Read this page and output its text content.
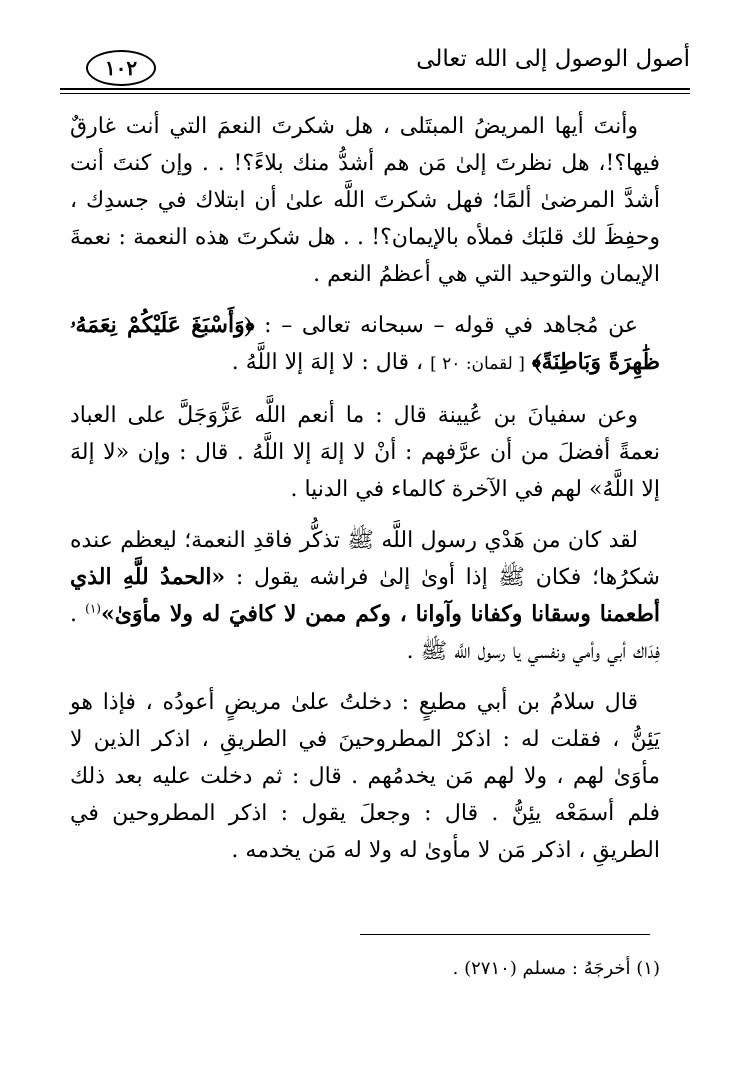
أصول الوصول إلى الله تعالى
١٠٢

وأنتَ أيها المريضُ المبتَلى ، هل شكرتَ النعمَ التي أنت غارقٌ فيها؟!، هل نظرتَ إلىٰ مَن هم أشدُّ منك بلاءً؟! . . وإن كنتَ أنت أشدَّ المرضىٰ ألمًا؛ فهل شكرتَ اللَّه علىٰ أن ابتلاك في جسدِك ، وحفِظَ لك قلبَك فملأه بالإيمان؟! . . هل شكرتَ هذه النعمة : نعمةَ الإيمان والتوحيد التي هي أعظمُ النعم .

عن مُجاهد في قوله – سبحانه تعالى – : ﴿وَأَسْبَغَ عَلَيْكُمْ نِعَمَهُۥ ظَٰهِرَةً وَبَاطِنَةً﴾ [ لقمان: ٢٠ ] ، قال : لا إلهَ إلا اللَّهُ .

وعن سفيانَ بن عُيينة قال : ما أنعم اللَّه عَزَّوَجَلَّ على العباد نعمةً أفضلَ من أن عرَّفهم : أنْ لا إلهَ إلا اللَّهُ . قال : وإن «لا إلهَ إلا اللَّهُ» لهم في الآخرة كالماء في الدنيا .

لقد كان من هَدْي رسول اللَّه ﷺ تذكُّر فاقدِ النعمة؛ ليعظم عنده شكرُها؛ فكان ﷺ إذا أوىٰ إلىٰ فراشه يقول : «الحمدُ للَّهِ الذي أطعمنا وسقانا وكفانا وآوانا ، وكم ممن لا كافيَ له ولا مأوَىٰ»$^{(١)}$ . فِدَاك أبي وأمي ونفسي يا رسول اللَّه ﷺ .

قال سلامُ بن أبي مطيعٍ : دخلتُ علىٰ مريضٍ أعودُه ، فإذا هو يَئِنُّ ، فقلت له : اذكرْ المطروحينَ في الطريقِ ، اذكر الذين لا مأوَىٰ لهم ، ولا لهم مَن يخدمُهم . قال : ثم دخلت عليه بعد ذلك فلم أسمَعْه يئِنُّ . قال : وجعلَ يقول : اذكر المطروحين في الطريقِ ، اذكر مَن لا مأوىٰ له ولا له مَن يخدمه .

(١) أخرجَهُ : مسلم (٢٧١٠) .
